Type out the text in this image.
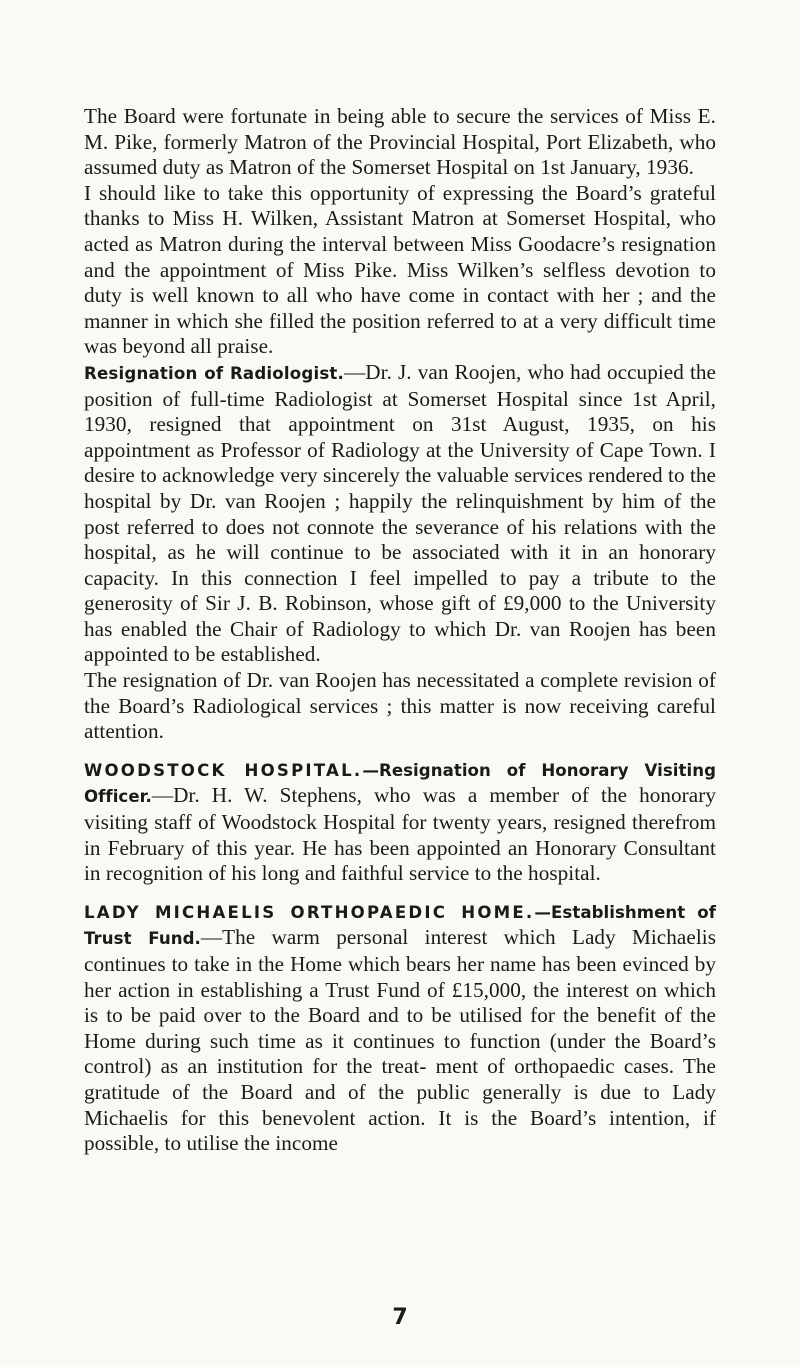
The Board were fortunate in being able to secure the services of Miss E. M. Pike, formerly Matron of the Provincial Hospital, Port Elizabeth, who assumed duty as Matron of the Somerset Hospital on 1st January, 1936.

I should like to take this opportunity of expressing the Board’s grateful thanks to Miss H. Wilken, Assistant Matron at Somerset Hospital, who acted as Matron during the interval between Miss Goodacre’s resignation and the appointment of Miss Pike. Miss Wilken’s selfless devotion to duty is well known to all who have come in contact with her ; and the manner in which she filled the position referred to at a very difficult time was beyond all praise.

Resignation of Radiologist.—Dr. J. van Roojen, who had occupied the position of full-time Radiologist at Somerset Hospital since 1st April, 1930, resigned that appointment on 31st August, 1935, on his appointment as Professor of Radiology at the University of Cape Town. I desire to acknowledge very sincerely the valuable services rendered to the hospital by Dr. van Roojen ; happily the relinquishment by him of the post referred to does not connote the severance of his relations with the hospital, as he will continue to be associated with it in an honorary capacity. In this connection I feel impelled to pay a tribute to the generosity of Sir J. B. Robinson, whose gift of £9,000 to the University has enabled the Chair of Radiology to which Dr. van Roojen has been appointed to be established.

The resignation of Dr. van Roojen has necessitated a complete revision of the Board’s Radiological services ; this matter is now receiving careful attention.

WOODSTOCK HOSPITAL.—Resignation of Honorary Visiting Officer.—Dr. H. W. Stephens, who was a member of the honorary visiting staff of Woodstock Hospital for twenty years, resigned therefrom in February of this year. He has been appointed an Honorary Consultant in recognition of his long and faithful service to the hospital.

LADY MICHAELIS ORTHOPAEDIC HOME.—Establishment of Trust Fund.—The warm personal interest which Lady Michaelis continues to take in the Home which bears her name has been evinced by her action in establishing a Trust Fund of £15,000, the interest on which is to be paid over to the Board and to be utilised for the benefit of the Home during such time as it continues to function (under the Board’s control) as an institution for the treat- ment of orthopaedic cases. The gratitude of the Board and of the public generally is due to Lady Michaelis for this benevolent action. It is the Board’s intention, if possible, to utilise the income

7
